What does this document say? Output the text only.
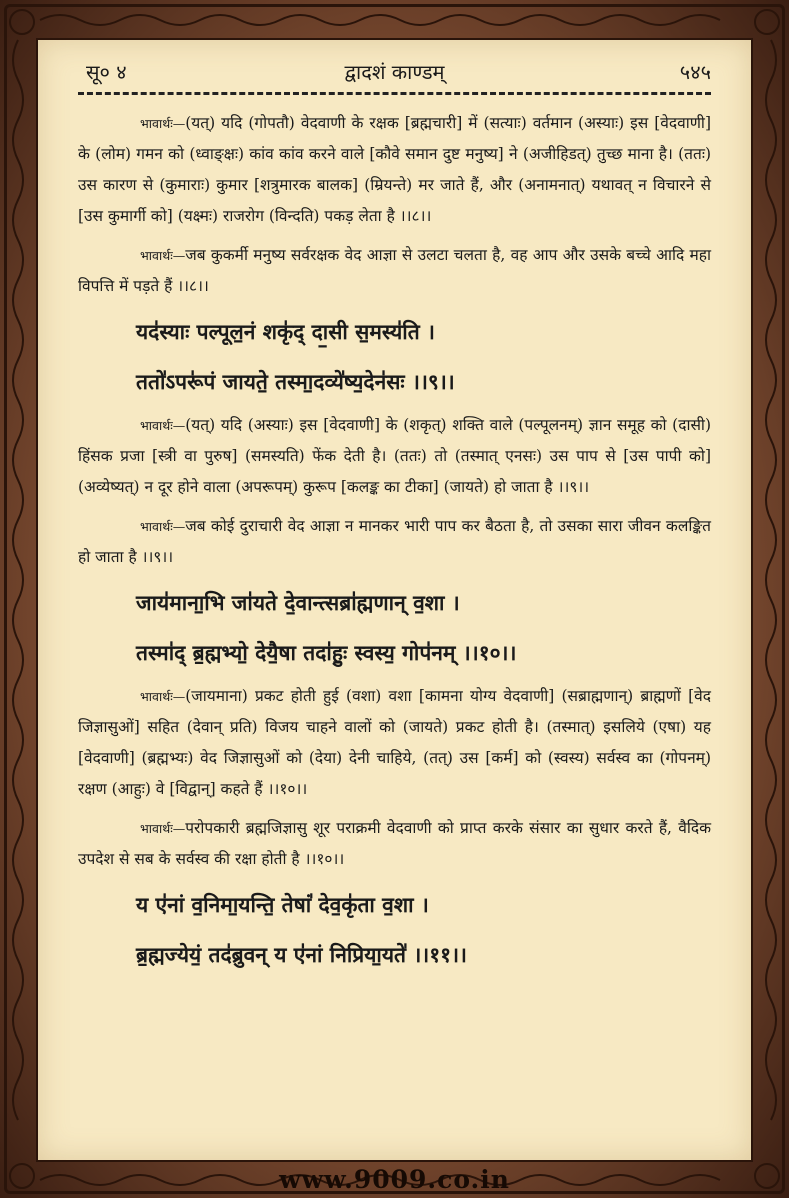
सू० ४	द्वादशं काण्डम्	५४५

भावार्थः—(यत्) यदि (गोपतौ) वेदवाणी के रक्षक [ब्रह्मचारी] में (सत्याः) वर्तमान (अस्याः) इस [वेदवाणी] के (लोम) गमन को (ध्वाङ्क्षः) कांव कांव करने वाले [कौवे समान दुष्ट मनुष्य] ने (अजीहिडत्) तुच्छ माना है। (ततः) उस कारण से (कुमाराः) कुमार [शत्रुमारक बालक] (म्रियन्ते) मर जाते हैं, और (अनामनात्) यथावत् न विचारने से [उस कुमार्गी को] (यक्ष्मः) राजरोग (विन्दति) पकड़ लेता है ।।८।।

भावार्थः—जब कुकर्मी मनुष्य सर्वरक्षक वेद आज्ञा से उलटा चलता है, वह आप और उसके बच्चे आदि महा विपत्ति में पड़ते हैं ।।८।।

यद॑स्याः पल्पूल॒नं शकृ॑द् दा॒सी स॒मस्य॑ति ।
ततो॑ऽपरू॑पं जायते॒ तस्मा॒दव्ये॑ष्य॒देन॑सः ।।९।।

भावार्थः—(यत्) यदि (अस्याः) इस [वेदवाणी] के (शकृत्) शक्ति वाले (पल्पूलनम्) ज्ञान समूह को (दासी) हिंसक प्रजा [स्त्री वा पुरुष] (समस्यति) फेंक देती है। (ततः) तो (तस्मात् एनसः) उस पाप से [उस पापी को] (अव्येष्यत्) न दूर होने वाला (अपरूपम्) कुरूप [कलङ्क का टीका] (जायते) हो जाता है ।।९।।

भावार्थः—जब कोई दुराचारी वेद आज्ञा न मानकर भारी पाप कर बैठता है, तो उसका सारा जीवन कलङ्कित हो जाता है ।।९।।

जाय॑माना॒भि जा॑यते दे॒वान्त्सब्रा॑ह्मणान् व॒शा ।
तस्मा॑द् ब्र॒ह्मभ्यो॒ देयै॒षा तदा॑हुः॒ स्वस्य॒ गोप॑नम् ।।१०।।

भावार्थः—(जायमाना) प्रकट होती हुई (वशा) वशा [कामना योग्य वेदवाणी] (सब्राह्मणान्) ब्राह्मणों [वेद जिज्ञासुओं] सहित (देवान् प्रति) विजय चाहने वालों को (जायते) प्रकट होती है। (तस्मात्) इसलिये (एषा) यह [वेदवाणी] (ब्रह्मभ्यः) वेद जिज्ञासुओं को (देया) देनी चाहिये, (तत्) उस [कर्म] को (स्वस्य) सर्वस्व का (गोपनम्) रक्षण (आहुः) वे [विद्वान्] कहते हैं ।।१०।।

भावार्थः—परोपकारी ब्रह्मजिज्ञासु शूर पराक्रमी वेदवाणी को प्राप्त करके संसार का सुधार करते हैं, वैदिक उपदेश से सब के सर्वस्व की रक्षा होती है ।।१०।।

य ए॑नां व॒निमा॒यन्ति॒ तेषां॑ देव॒कृ॑ता व॒शा ।
ब्र॒ह्मज्येयं॒ तद॑ब्रुवन् य ए॑नां निप्रिया॒यते॑ ।।११।।
www.9009.co.in
